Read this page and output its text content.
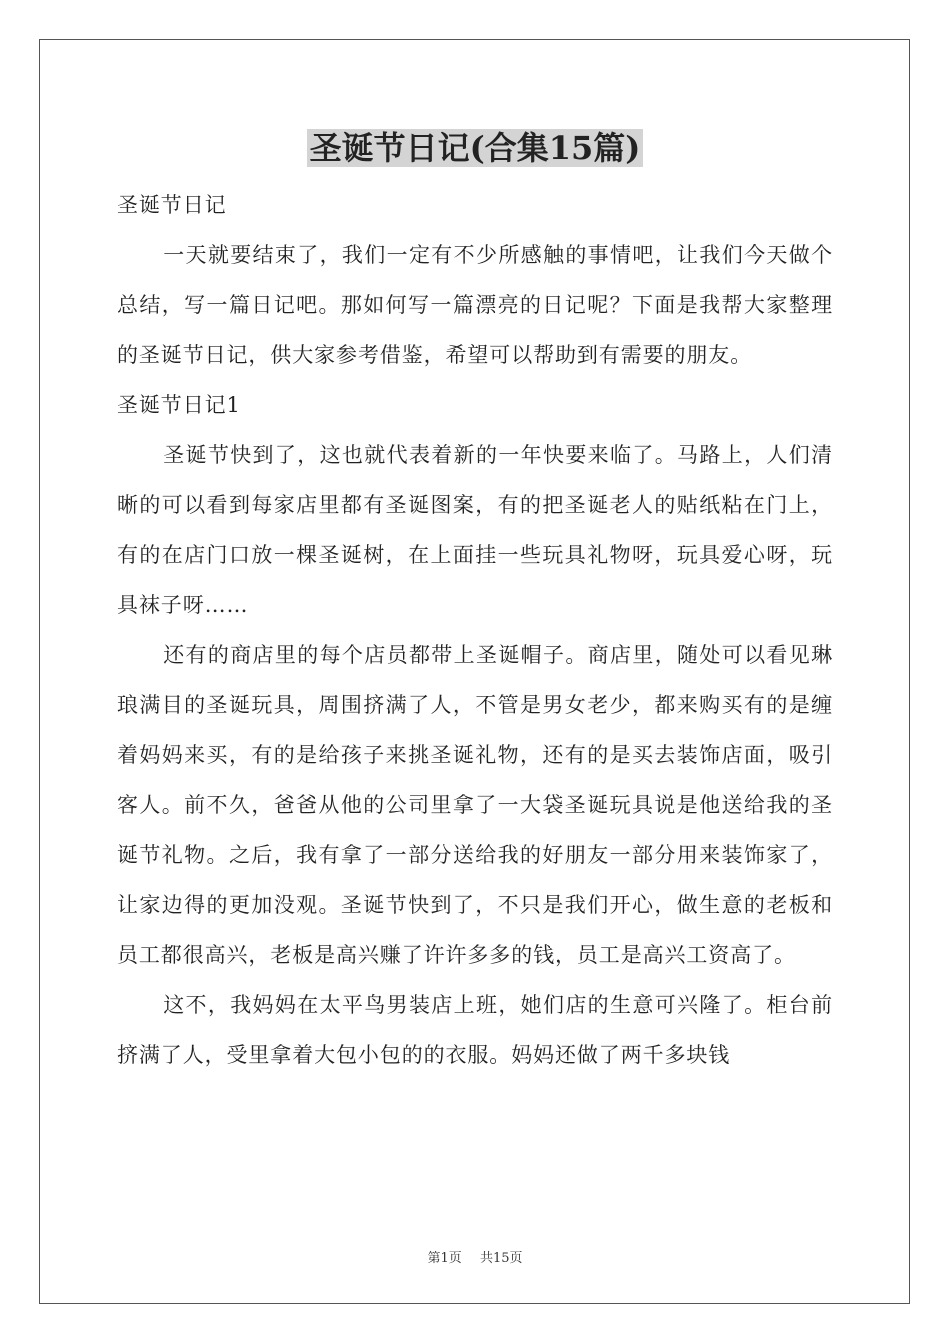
圣诞节日记(合集15篇)

圣诞节日记

一天就要结束了，我们一定有不少所感触的事情吧，让我们今天做个总结，写一篇日记吧。那如何写一篇漂亮的日记呢？下面是我帮大家整理的圣诞节日记，供大家参考借鉴，希望可以帮助到有需要的朋友。

圣诞节日记1

圣诞节快到了，这也就代表着新的一年快要来临了。马路上，人们清晰的可以看到每家店里都有圣诞图案，有的把圣诞老人的贴纸粘在门上，有的在店门口放一棵圣诞树，在上面挂一些玩具礼物呀，玩具爱心呀，玩具袜子呀……

还有的商店里的每个店员都带上圣诞帽子。商店里，随处可以看见琳琅满目的圣诞玩具，周围挤满了人，不管是男女老少，都来购买有的是缠着妈妈来买，有的是给孩子来挑圣诞礼物，还有的是买去装饰店面，吸引客人。前不久，爸爸从他的公司里拿了一大袋圣诞玩具说是他送给我的圣诞节礼物。之后，我有拿了一部分送给我的好朋友一部分用来装饰家了，让家边得的更加没观。圣诞节快到了，不只是我们开心，做生意的老板和员工都很高兴，老板是高兴赚了许许多多的钱，员工是高兴工资高了。

这不，我妈妈在太平鸟男装店上班，她们店的生意可兴隆了。柜台前挤满了人，受里拿着大包小包的的衣服。妈妈还做了两千多块钱

第1页 共15页
